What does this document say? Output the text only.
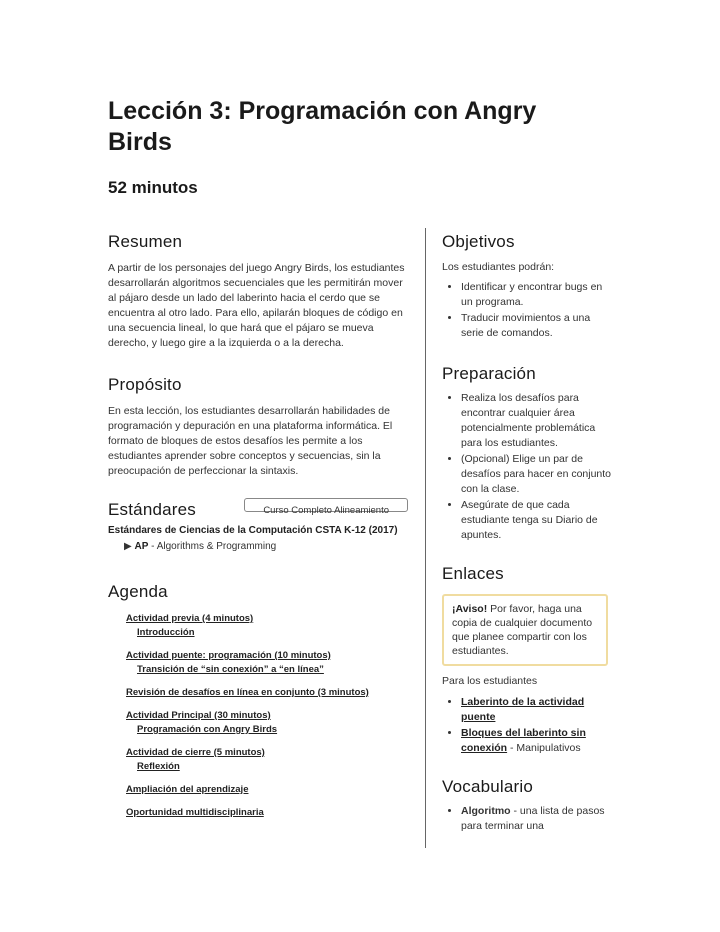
Lección 3: Programación con Angry Birds
52 minutos
Resumen

A partir de los personajes del juego Angry Birds, los estudiantes desarrollarán algoritmos secuenciales que les permitirán mover al pájaro desde un lado del laberinto hacia el cerdo que se encuentra al otro lado. Para ello, apilarán bloques de código en una secuencia lineal, lo que hará que el pájaro se mueva derecho, y luego gire a la izquierda o a la derecha.

Propósito

En esta lección, los estudiantes desarrollarán habilidades de programación y depuración en una plataforma informática. El formato de bloques de estos desafíos les permite a los estudiantes aprender sobre conceptos y secuencias, sin la preocupación de perfeccionar la sintaxis.

Estándares	Curso Completo Alineamiento
Estándares de Ciencias de la Computación CSTA K-12 (2017)
▶ AP - Algorithms & Programming
Agenda
Actividad previa (4 minutos)
Introducción
Actividad puente: programación (10 minutos)
Transición de “sin conexión” a “en línea”
Revisión de desafíos en línea en conjunto (3 minutos)
Actividad Principal (30 minutos)
Programación con Angry Birds
Actividad de cierre (5 minutos)
Reflexión
Ampliación del aprendizaje
Oportunidad multidisciplinaria
Objetivos

Los estudiantes podrán:

• Identificar y encontrar bugs en un programa.
• Traducir movimientos a una serie de comandos.
Preparación
• Realiza los desafíos para encontrar cualquier área potencialmente problemática para los estudiantes.
• (Opcional) Elige un par de desafíos para hacer en conjunto con la clase.
• Asegúrate de que cada estudiante tenga su Diario de apuntes.
Enlaces
¡Aviso! Por favor, haga una copia de cualquier documento que planee compartir con los estudiantes.

Para los estudiantes

• Laberinto de la actividad puente
• Bloques del laberinto sin conexión - Manipulativos
Vocabulario
• Algoritmo - una lista de pasos para terminar una
